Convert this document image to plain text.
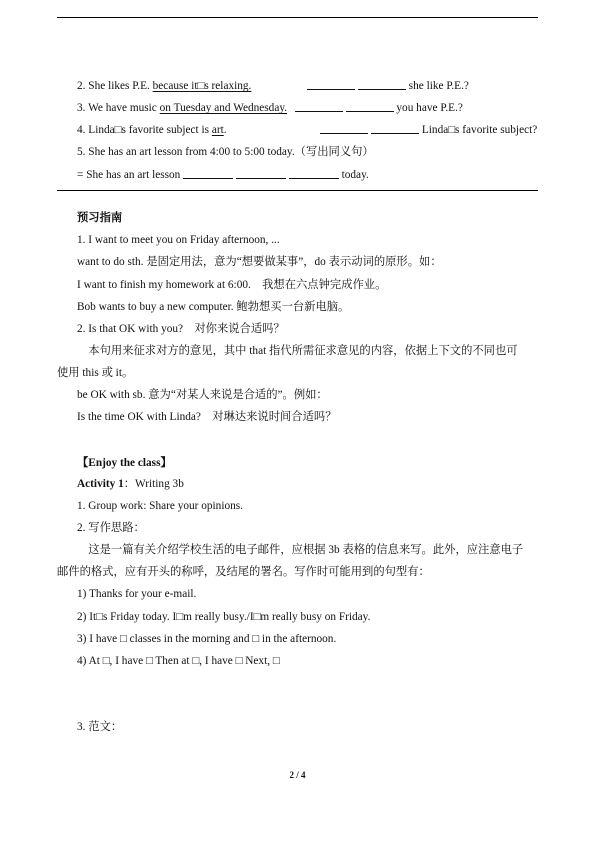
2. She likes P.E. because it□s relaxing.	she like P.E.?
3. We have music on Tuesday and Wednesday.	you have P.E.?
4. Linda□s favorite subject is art.	Linda□s favorite subject?
5. She has an art lesson from 4:00 to 5:00 today.（写出同义句）
= She has an art lesson	today.
预习指南
1. I want to meet you on Friday afternoon, ...
want to do sth. 是固定用法，意为“想要做某事”，do 表示动词的原形。如：
I want to finish my homework at 6:00.　我想在六点钟完成作业。
Bob wants to buy a new computer. 鲍勃想买一台新电脑。
2. Is that OK with you?　对你来说合适吗？
　本句用来征求对方的意见，其中 that 指代所需征求意见的内容，依据上下文的不同也可
使用 this 或 it。
be OK with sb. 意为“对某人来说是合适的”。例如：
Is the time OK with Linda?　对琳达来说时间合适吗？
【Enjoy the class】
Activity 1：Writing 3b
1. Group work: Share your opinions.
2. 写作思路：
　这是一篇有关介绍学校生活的电子邮件，应根据 3b 表格的信息来写。此外，应注意电子
邮件的格式，应有开头的称呼，及结尾的署名。写作时可能用到的句型有：
1) Thanks for your e-mail.
2) It□s Friday today. I□m really busy./I□m really busy on Friday.
3) I have □ classes in the morning and □ in the afternoon.
4) At □, I have □ Then at □, I have □ Next, □
3. 范文：
2 / 4
